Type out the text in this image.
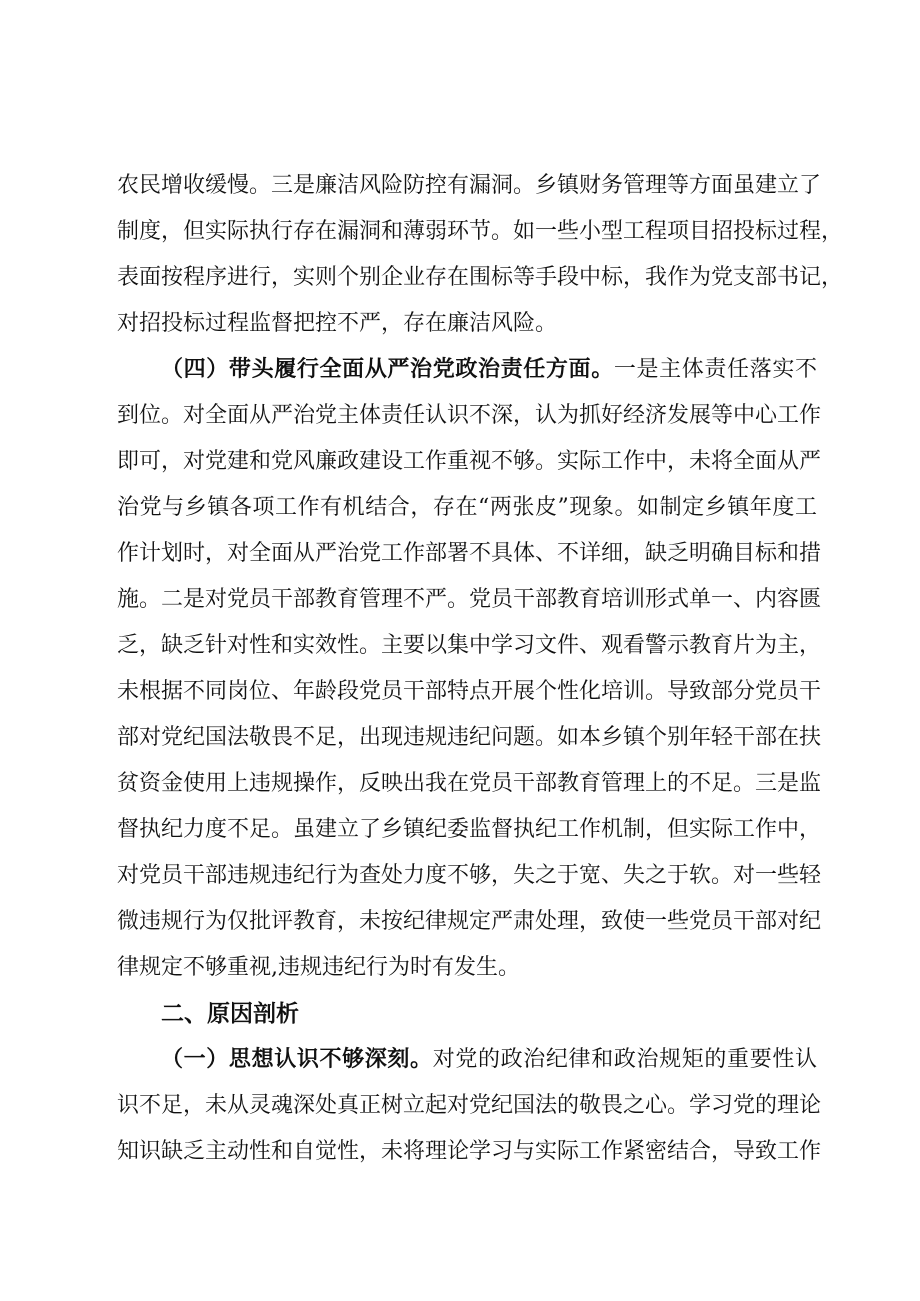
农民增收缓慢。三是廉洁风险防控有漏洞。乡镇财务管理等方面虽建立了
制度，但实际执行存在漏洞和薄弱环节。如一些小型工程项目招投标过程，
表面按程序进行，实则个别企业存在围标等手段中标，我作为党支部书记，
对招投标过程监督把控不严，存在廉洁风险。
（四）带头履行全面从严治党政治责任方面。一是主体责任落实不
到位。对全面从严治党主体责任认识不深，认为抓好经济发展等中心工作
即可，对党建和党风廉政建设工作重视不够。实际工作中，未将全面从严
治党与乡镇各项工作有机结合，存在“两张皮”现象。如制定乡镇年度工
作计划时，对全面从严治党工作部署不具体、不详细，缺乏明确目标和措
施。二是对党员干部教育管理不严。党员干部教育培训形式单一、内容匮
乏，缺乏针对性和实效性。主要以集中学习文件、观看警示教育片为主，
未根据不同岗位、年龄段党员干部特点开展个性化培训。导致部分党员干
部对党纪国法敬畏不足，出现违规违纪问题。如本乡镇个别年轻干部在扶
贫资金使用上违规操作，反映出我在党员干部教育管理上的不足。三是监
督执纪力度不足。虽建立了乡镇纪委监督执纪工作机制，但实际工作中，
对党员干部违规违纪行为查处力度不够，失之于宽、失之于软。对一些轻
微违规行为仅批评教育，未按纪律规定严肃处理，致使一些党员干部对纪
律规定不够重视,违规违纪行为时有发生。
二、原因剖析
（一）思想认识不够深刻。对党的政治纪律和政治规矩的重要性认
识不足，未从灵魂深处真正树立起对党纪国法的敬畏之心。学习党的理论
知识缺乏主动性和自觉性，未将理论学习与实际工作紧密结合，导致工作
